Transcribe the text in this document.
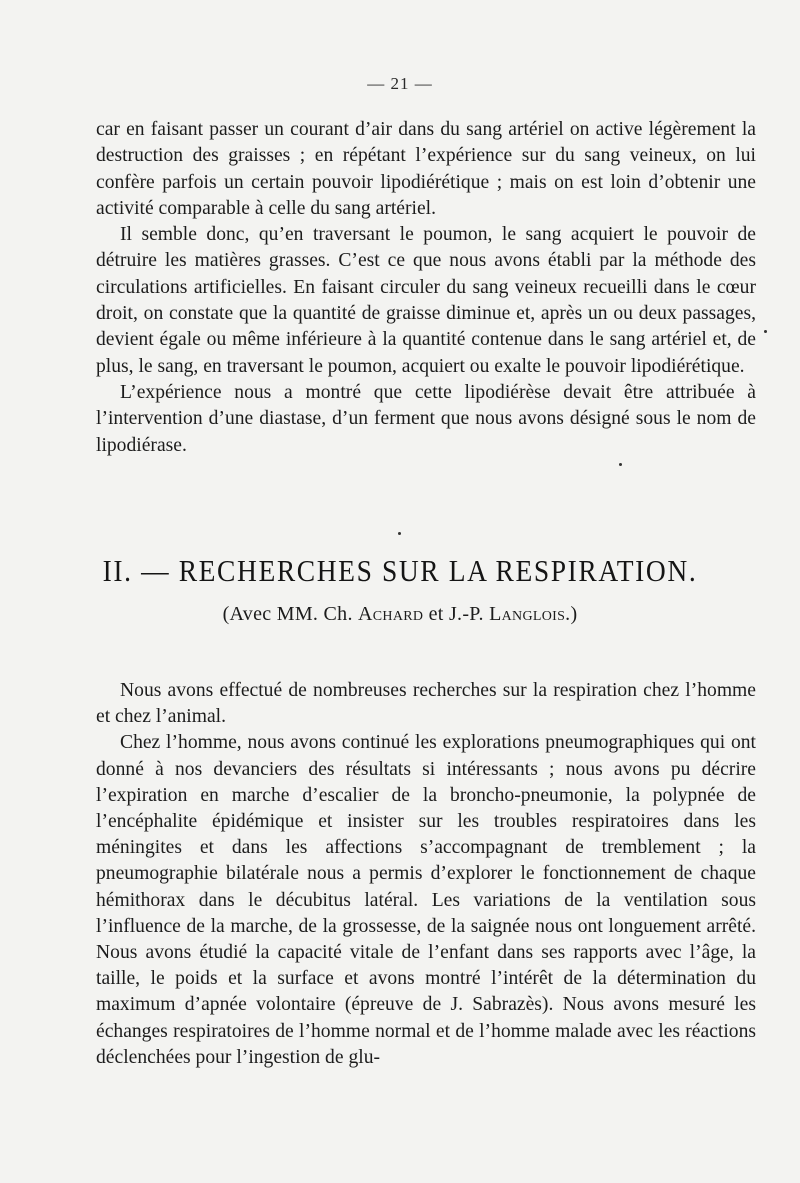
— 21 —

car en faisant passer un courant d’air dans du sang artériel on active légèrement la destruction des graisses ; en répétant l’expérience sur du sang veineux, on lui confère parfois un certain pouvoir lipodiérétique ; mais on est loin d’obtenir une activité comparable à celle du sang artériel.

Il semble donc, qu’en traversant le poumon, le sang acquiert le pouvoir de détruire les matières grasses. C’est ce que nous avons établi par la méthode des circulations artificielles. En faisant circuler du sang veineux recueilli dans le cœur droit, on constate que la quantité de graisse diminue et, après un ou deux passages, devient égale ou même inférieure à la quantité contenue dans le sang artériel et, de plus, le sang, en traversant le poumon, acquiert ou exalte le pouvoir lipodiérétique.

L’expérience nous a montré que cette lipodiérèse devait être attribuée à l’intervention d’une diastase, d’un ferment que nous avons désigné sous le nom de lipodiérase.

II. — RECHERCHES SUR LA RESPIRATION.
(Avec MM. Ch. Achard et J.-P. Langlois.)

Nous avons effectué de nombreuses recherches sur la respiration chez l’homme et chez l’animal.

Chez l’homme, nous avons continué les explorations pneumographiques qui ont donné à nos devanciers des résultats si intéressants ; nous avons pu décrire l’expiration en marche d’escalier de la broncho-pneumonie, la polypnée de l’encéphalite épidémique et insister sur les troubles respiratoires dans les méningites et dans les affections s’accompagnant de tremblement ; la pneumographie bilatérale nous a permis d’explorer le fonctionnement de chaque hémithorax dans le décubitus latéral. Les variations de la ventilation sous l’influence de la marche, de la grossesse, de la saignée nous ont longuement arrêté. Nous avons étudié la capacité vitale de l’enfant dans ses rapports avec l’âge, la taille, le poids et la surface et avons montré l’intérêt de la détermination du maximum d’apnée volontaire (épreuve de J. Sabrazès). Nous avons mesuré les échanges respiratoires de l’homme normal et de l’homme malade avec les réactions déclenchées pour l’ingestion de glu-
